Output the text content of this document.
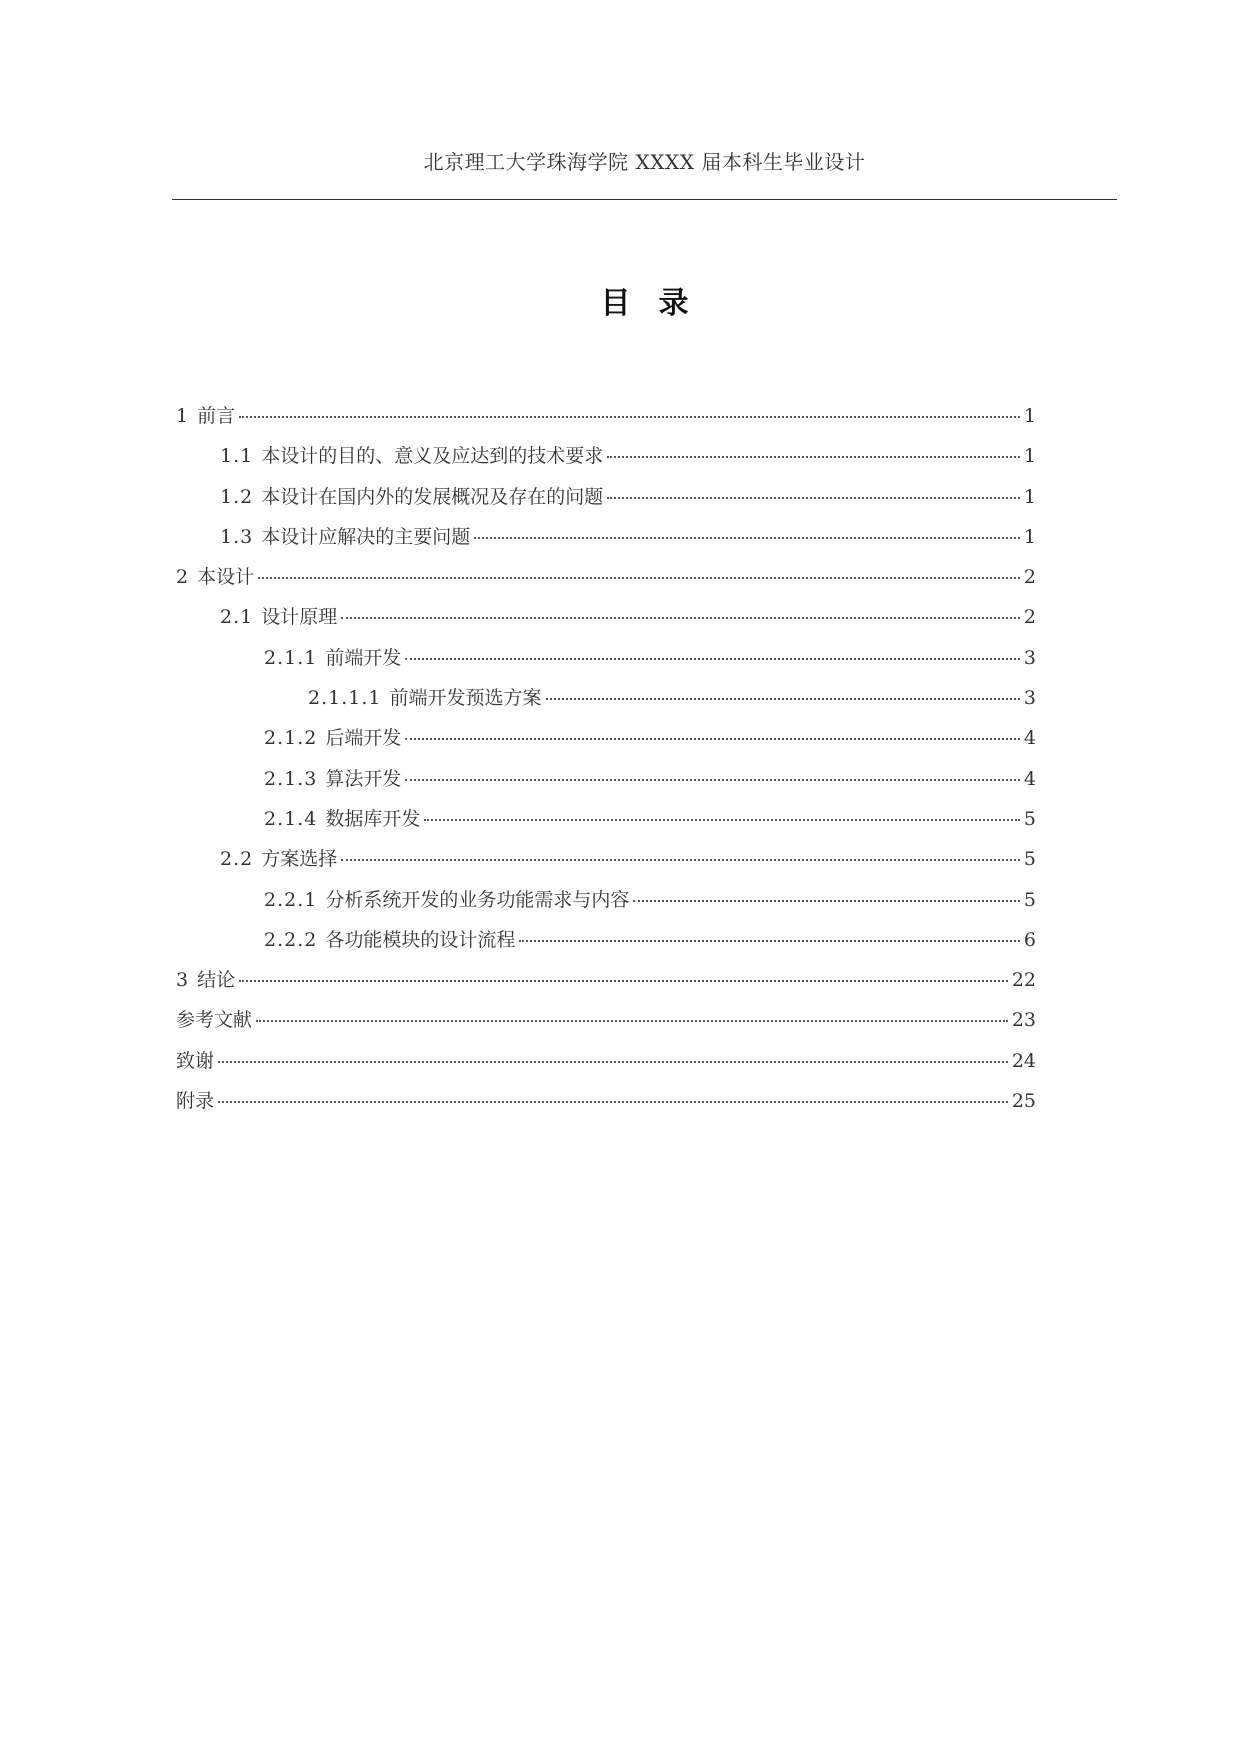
北京理工大学珠海学院 XXXX 届本科生毕业设计
目录
1 前言	1
1.1 本设计的目的、意义及应达到的技术要求	1
1.2 本设计在国内外的发展概况及存在的问题	1
1.3 本设计应解决的主要问题	1
2 本设计	2
2.1 设计原理	2
2.1.1 前端开发	3
2.1.1.1 前端开发预选方案	3
2.1.2 后端开发	4
2.1.3 算法开发	4
2.1.4 数据库开发	5
2.2 方案选择	5
2.2.1 分析系统开发的业务功能需求与内容	5
2.2.2 各功能模块的设计流程	6
3 结论	22
参考文献	23
致谢	24
附录	25
